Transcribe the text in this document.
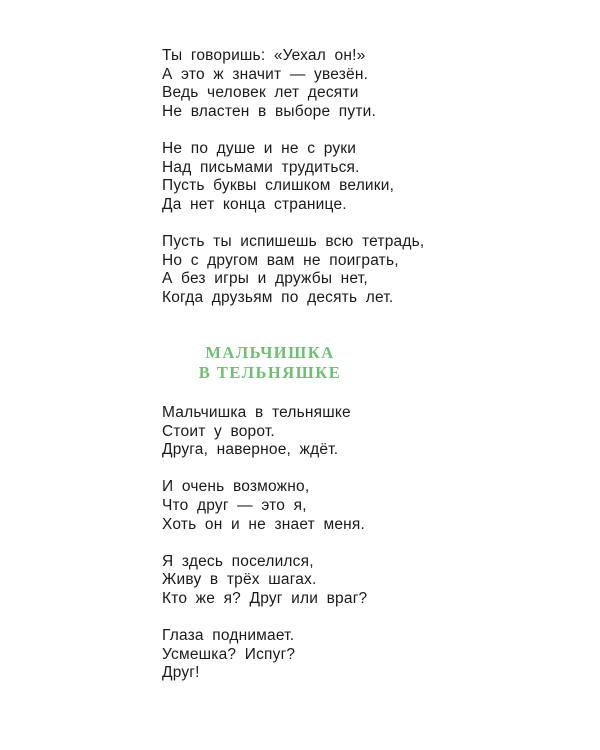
Ты говоришь: «Уехал он!»
А это ж значит — увезён.
Ведь человек лет десяти
Не властен в выборе пути.
Не по душе и не с руки
Над письмами трудиться.
Пусть буквы слишком велики,
Да нет конца странице.
Пусть ты испишешь всю тетрадь,
Но с другом вам не поиграть,
А без игры и дружбы нет,
Когда друзьям по десять лет.
МАЛЬЧИШКА
В ТЕЛЬНЯШКЕ
Мальчишка в тельняшке
Стоит у ворот.
Друга, наверное, ждёт.
И очень возможно,
Что друг — это я,
Хоть он и не знает меня.
Я здесь поселился,
Живу в трёх шагах.
Кто же я? Друг или враг?
Глаза поднимает.
Усмешка? Испуг?
Друг!
